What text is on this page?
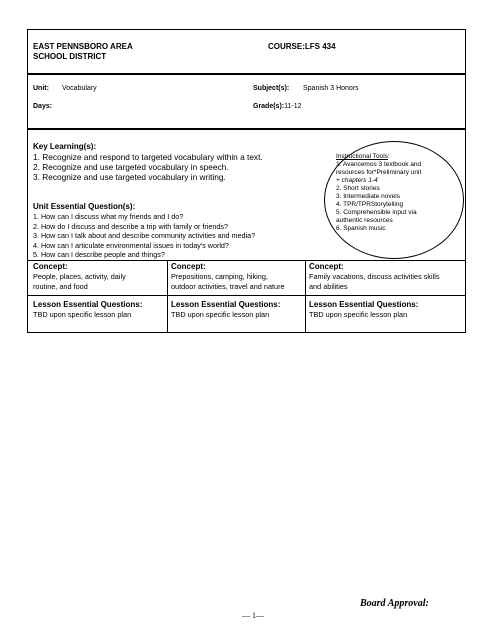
EAST PENNSBORO AREA
SCHOOL DISTRICT
COURSE:LFS 434
Unit: Vocabulary
Days:
Subject(s): Spanish 3 Honors
Grade(s):11-12
Key Learning(s):
1. Recognize and respond to targeted vocabulary within a text.
2. Recognize and use targeted vocabulary in speech.
3. Recognize and use targeted vocabulary in writing.
Instructional Tools:
1. Avancemos 3 textbook and
resources for*Preliminary unit
+ chapters 1-4
2. Short stories
3. Intermediate novels
4. TPR/TPRStorytelling
5. Comprehensible input via
authentic resources
6. Spanish music
Unit Essential Question(s):
1. How can I discuss what my friends and I do?
2. How do I discuss and describe a trip with family or friends?
3. How can I talk about and describe community activities and media?
4. How can I articulate environmental issues in today's world?
5. How can I describe people and things?
Concept:
People, places, activity, daily
routine, and food
Concept:
Prepositions, camping, hiking,
outdoor activities, travel and nature
Concept:
Family vacations, discuss activities skills
and abilities
Lesson Essential Questions:
TBD upon specific lesson plan
Lesson Essential Questions:
TBD upon specific lesson plan
Lesson Essential Questions:
TBD upon specific lesson plan
— 1—
Board Approval:
